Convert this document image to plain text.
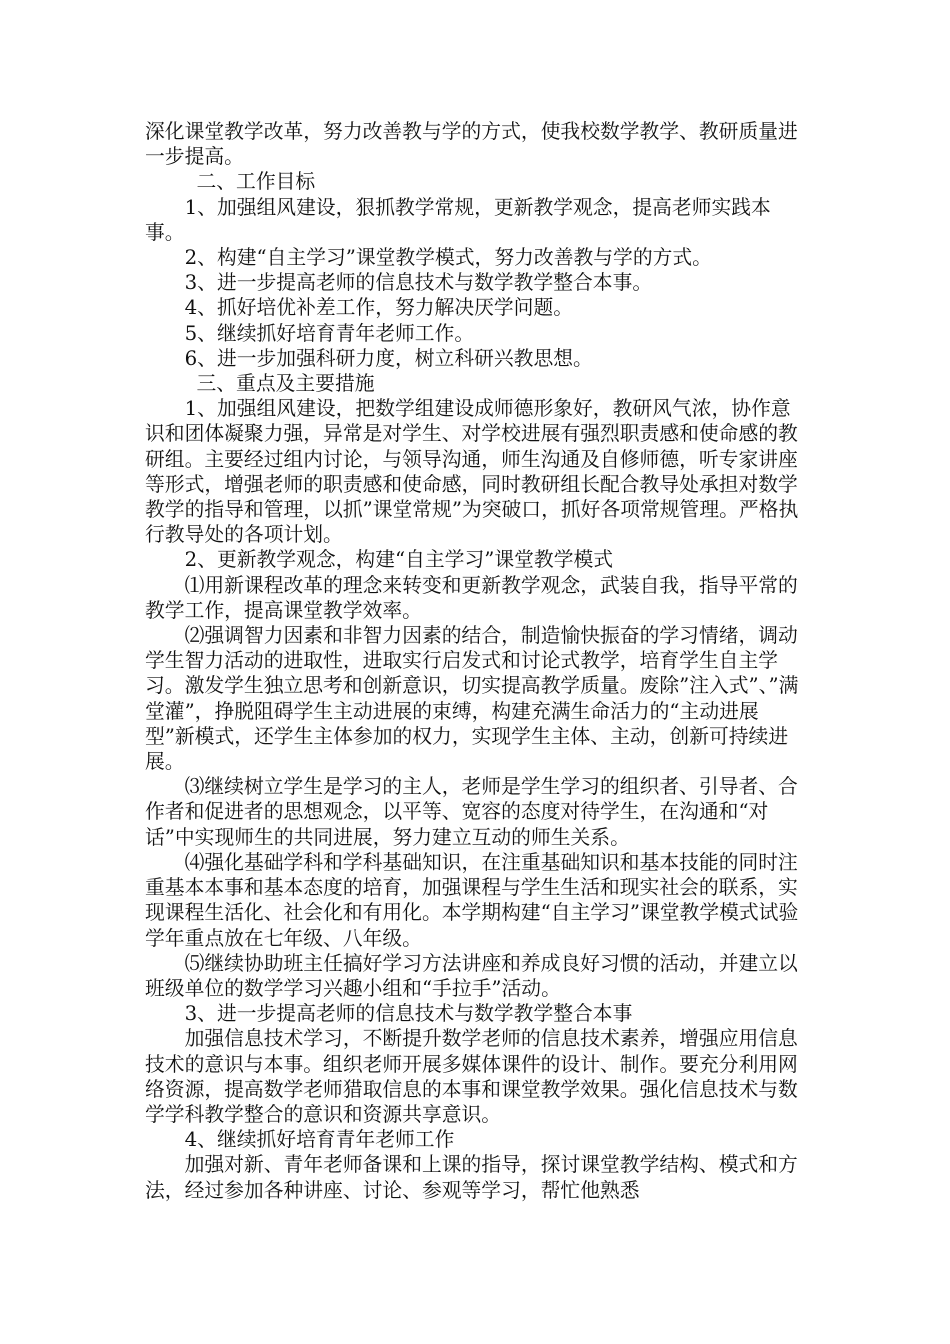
深化课堂教学改革，努力改善教与学的方式，使我校数学教学、教研质量进一步提高。

二、工作目标

1、加强组风建设，狠抓教学常规，更新教学观念，提高老师实践本事。

2、构建“自主学习”课堂教学模式，努力改善教与学的方式。

3、进一步提高老师的信息技术与数学教学整合本事。

4、抓好培优补差工作，努力解决厌学问题。

5、继续抓好培育青年老师工作。

6、进一步加强科研力度，树立科研兴教思想。

三、重点及主要措施

1、加强组风建设，把数学组建设成师德形象好，教研风气浓，协作意识和团体凝聚力强，异常是对学生、对学校进展有强烈职责感和使命感的教研组。主要经过组内讨论，与领导沟通，师生沟通及自修师德，听专家讲座等形式，增强老师的职责感和使命感，同时教研组长配合教导处承担对数学教学的指导和管理，以抓”课堂常规”为突破口，抓好各项常规管理。严格执行教导处的各项计划。

2、更新教学观念，构建“自主学习”课堂教学模式

⑴用新课程改革的理念来转变和更新教学观念，武装自我，指导平常的教学工作，提高课堂教学效率。

⑵强调智力因素和非智力因素的结合，制造愉快振奋的学习情绪，调动学生智力活动的进取性，进取实行启发式和讨论式教学，培育学生自主学习。激发学生独立思考和创新意识，切实提高教学质量。废除”注入式”、”满堂灌”，挣脱阻碍学生主动进展的束缚，构建充满生命活力的“主动进展型”新模式，还学生主体参加的权力，实现学生主体、主动，创新可持续进展。

⑶继续树立学生是学习的主人，老师是学生学习的组织者、引导者、合作者和促进者的思想观念，以平等、宽容的态度对待学生，在沟通和“对话”中实现师生的共同进展，努力建立互动的师生关系。

⑷强化基础学科和学科基础知识，在注重基础知识和基本技能的同时注重基本本事和基本态度的培育，加强课程与学生生活和现实社会的联系，实现课程生活化、社会化和有用化。本学期构建“自主学习”课堂教学模式试验学年重点放在七年级、八年级。

⑸继续协助班主任搞好学习方法讲座和养成良好习惯的活动，并建立以班级单位的数学学习兴趣小组和“手拉手”活动。

3、进一步提高老师的信息技术与数学教学整合本事

加强信息技术学习，不断提升数学老师的信息技术素养，增强应用信息技术的意识与本事。组织老师开展多媒体课件的设计、制作。要充分利用网络资源，提高数学老师猎取信息的本事和课堂教学效果。强化信息技术与数学学科教学整合的意识和资源共享意识。

4、继续抓好培育青年老师工作

加强对新、青年老师备课和上课的指导，探讨课堂教学结构、模式和方法，经过参加各种讲座、讨论、参观等学习，帮忙他熟悉
